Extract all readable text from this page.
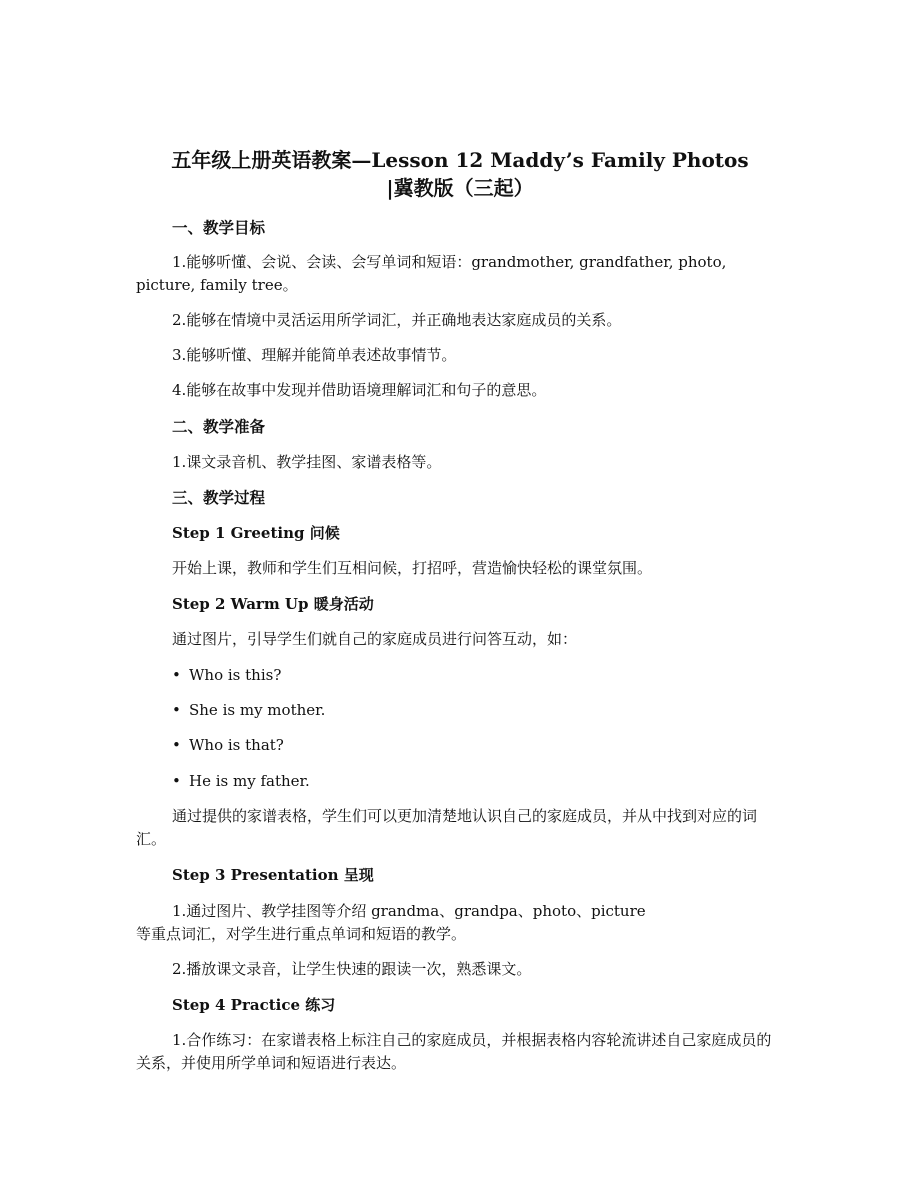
五年级上册英语教案—Lesson 12 Maddy’s Family Photos
|冀教版（三起）

一、教学目标

1.能够听懂、会说、会读、会写单词和短语：grandmother, grandfather, photo, picture, family tree。

2.能够在情境中灵活运用所学词汇，并正确地表达家庭成员的关系。

3.能够听懂、理解并能简单表述故事情节。

4.能够在故事中发现并借助语境理解词汇和句子的意思。

二、教学准备

1.课文录音机、教学挂图、家谱表格等。

三、教学过程

Step 1 Greeting 问候

开始上课，教师和学生们互相问候，打招呼，营造愉快轻松的课堂氛围。

Step 2 Warm Up 暖身活动

通过图片，引导学生们就自己的家庭成员进行问答互动，如：

• Who is this?

• She is my mother.

• Who is that?

• He is my father.

通过提供的家谱表格，学生们可以更加清楚地认识自己的家庭成员，并从中找到对应的词汇。

Step 3 Presentation 呈现

1.通过图片、教学挂图等介绍 grandma、grandpa、photo、picture

等重点词汇，对学生进行重点单词和短语的教学。

2.播放课文录音，让学生快速的跟读一次，熟悉课文。

Step 4 Practice 练习

1.合作练习：在家谱表格上标注自己的家庭成员，并根据表格内容轮流讲述自己家庭成员的关系，并使用所学单词和短语进行表达。
